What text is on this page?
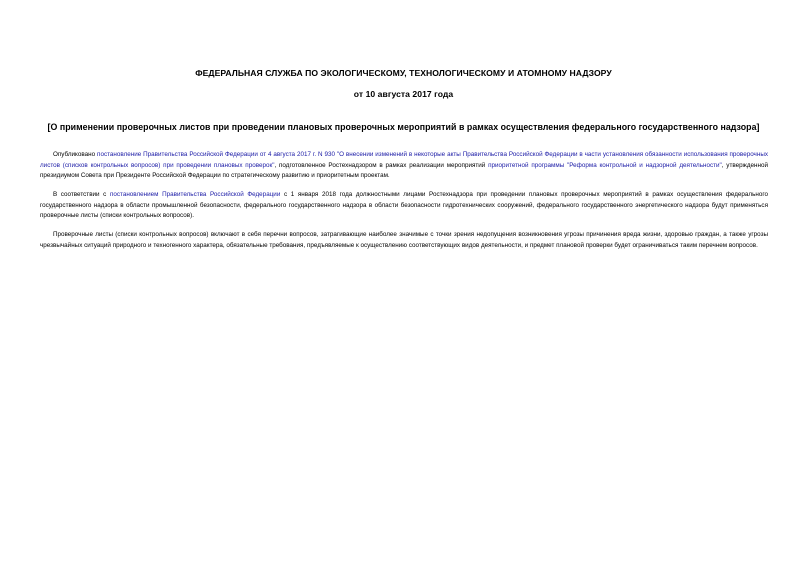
ФЕДЕРАЛЬНАЯ СЛУЖБА ПО ЭКОЛОГИЧЕСКОМУ, ТЕХНОЛОГИЧЕСКОМУ И АТОМНОМУ НАДЗОРУ
от 10 августа 2017 года
[О применении проверочных листов при проведении плановых проверочных мероприятий в рамках осуществления федерального государственного надзора]

Опубликовано постановление Правительства Российской Федерации от 4 августа 2017 г. N 930 "О внесении изменений в некоторые акты Правительства Российской Федерации в части установления обязанности использования проверочных листов (списков контрольных вопросов) при проведении плановых проверок", подготовленное Ростехнадзором в рамках реализации мероприятий приоритетной программы "Реформа контрольной и надзорной деятельности", утвержденной президиумом Совета при Президенте Российской Федерации по стратегическому развитию и приоритетным проектам.

В соответствии с постановлением Правительства Российской Федерации с 1 января 2018 года должностными лицами Ростехнадзора при проведении плановых проверочных мероприятий в рамках осуществления федерального государственного надзора в области промышленной безопасности, федерального государственного надзора в области безопасности гидротехнических сооружений, федерального государственного энергетического надзора будут применяться проверочные листы (списки контрольных вопросов).

Проверочные листы (списки контрольных вопросов) включают в себя перечни вопросов, затрагивающие наиболее значимые с точки зрения недопущения возникновения угрозы причинения вреда жизни, здоровью граждан, а также угрозы чрезвычайных ситуаций природного и техногенного характера, обязательные требования, предъявляемые к осуществлению соответствующих видов деятельности, и предмет плановой проверки будет ограничиваться таким перечнем вопросов.
